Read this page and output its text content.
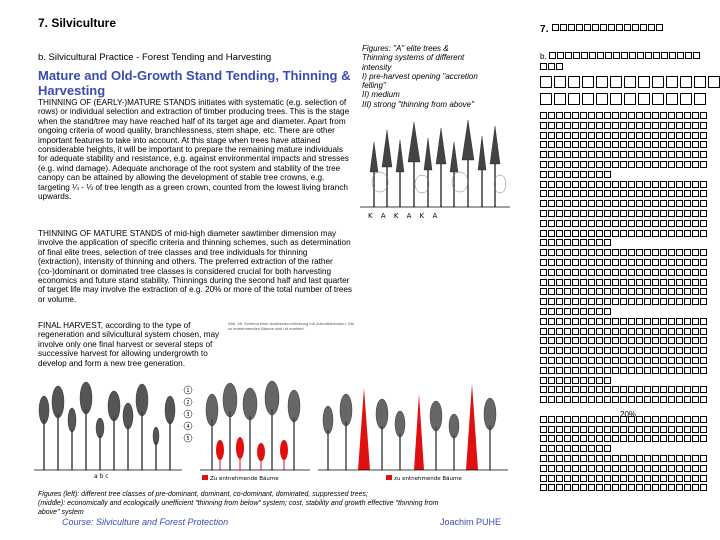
7. Silviculture
b. Silvicultural Practice - Forest Tending and Harvesting
Mature and Old-Growth Stand Tending, Thinning & Harvesting
THINNING OF (EARLY-)MATURE STANDS initiates with systematic (e.g. selection of rows) or individual selection and extraction of timber producing trees. This is the stage when the stand/tree may have reached half of its target age and diameter. Apart from ongoing criteria of wood quality, branchlessness, stem shape, etc. There are other important features to take into account. At this stage when trees have attained considerable heights, it will be important to prepare the remaining mature individuals for adequate stability and resistance, e.g. against environmental impacts and stresses (e.g. wind damage). Adequate anchorage of the root system and stability of the tree canopy can be attained by allowing the development of stable tree crowns, e.g. targeting ¼ - ⅓ of tree length as a green crown, counted from the lowest living branch upwards.
THINNING OF MATURE STANDS of mid-high diameter sawtimber dimension may involve the application of specific criteria and thinning schemes, such as determination of final elite trees, selection of tree classes and tree individuals for thinning (extraction), intensity of thinning and others. The preferred extraction of the rather (co-)dominant or dominated tree classes is considered crucial for both harvesting economics and future stand stability. Thinnings during the second half and last quarter of target life may involve the extraction of e.g. 20% or more of the total number of trees or volume.
FINAL HARVEST, according to the type of regeneration and silvicultural system chosen, may involve only one final harvest or several steps of successive harvest for allowing undergrowth to develop and form a new tree generation.
Figures: "A" elite trees &
Thinning systems of different
intensity
I) pre-harvest opening "accretion
felling"
II) medium
III) strong "thinning from above"
K A K A K A
1
2
3
4
5
a b c	Zu entnehmende Bäume
Abb. 38: Schema einer Auslesedurchforstung mit Zukunftsbäumen. Die zu entnehmenden Bäume sind rot markiert.
zu entnehmende Bäume
Figures (left): different tree classes of pre-dominant, dominant, co-dominant, dominated, suppressed trees;
(middle): economically and ecologically unefficient "thinning from below" system; cost, stability and growth effective "thinning from
above" system
Course: Silviculture and Forest Protection	Joachim PUHE
7.
b.
20%
